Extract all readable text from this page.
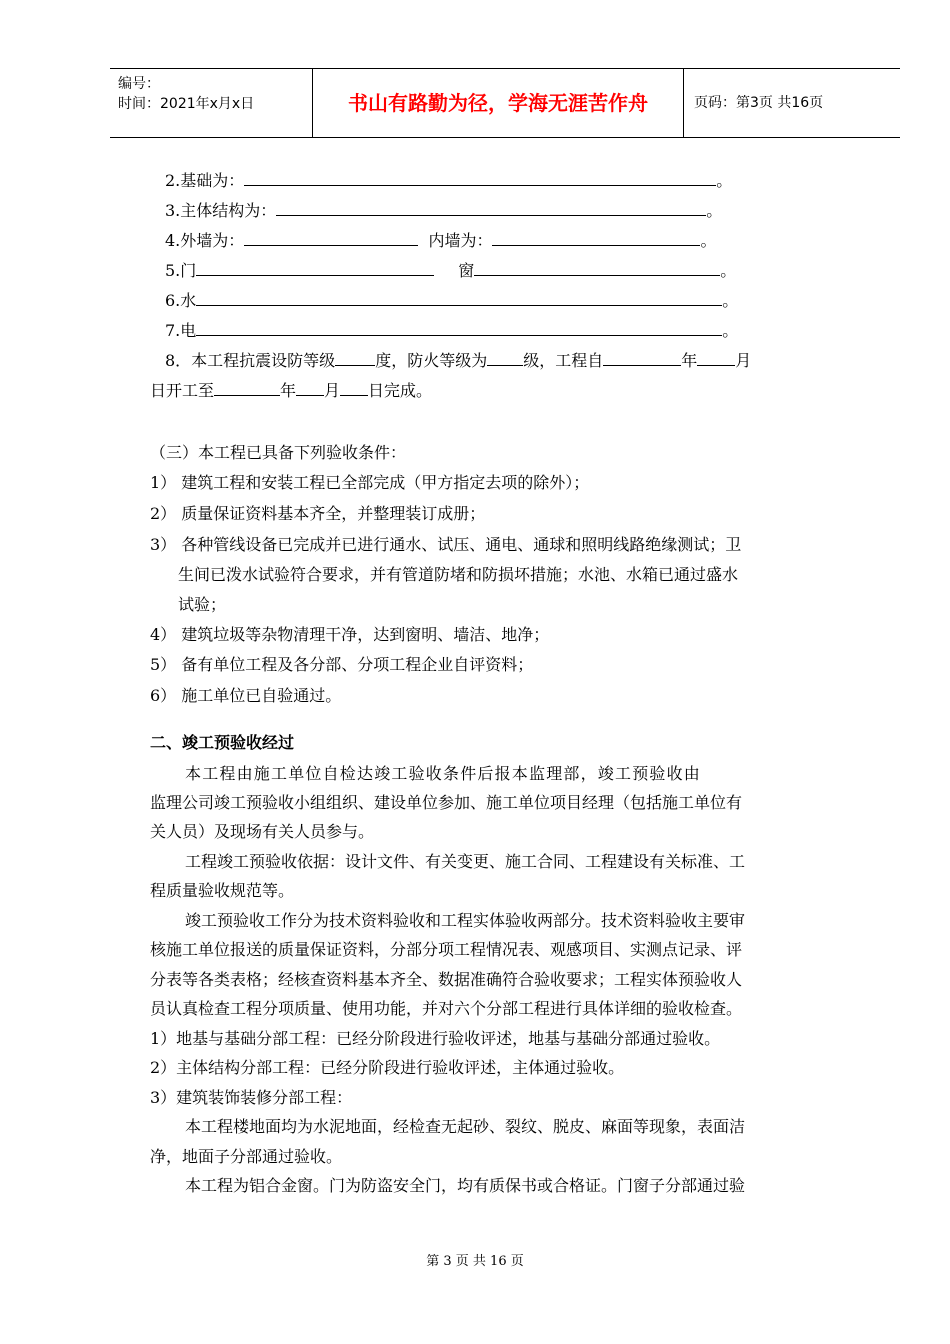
编号：
时间：2021年x月x日	书山有路勤为径，学海无涯苦作舟	页码：第3页 共16页
2.基础为：	。
3.主体结构为：	。
4.外墙为：	内墙为：	。
5.门	窗	。
6.水	。
7.电	。
8．本工程抗震设防等级	度，防火等级为 级，工程自	年 月
日开工至	年 月 日完成。
（三）本工程已具备下列验收条件：
1） 建筑工程和安装工程已全部完成（甲方指定去项的除外）；
2） 质量保证资料基本齐全，并整理装订成册；
3） 各种管线设备已完成并已进行通水、试压、通电、通球和照明线路绝缘测试；卫
生间已泼水试验符合要求，并有管道防堵和防损坏措施；水池、水箱已通过盛水
试验；
4） 建筑垃圾等杂物清理干净，达到窗明、墙洁、地净；
5） 备有单位工程及各分部、分项工程企业自评资料；
6） 施工单位已自验通过。
二、竣工预验收经过
本工程由施工单位自检达竣工验收条件后报本监理部，竣工预验收由
监理公司竣工预验收小组组织、建设单位参加、施工单位项目经理（包括施工单位有
关人员）及现场有关人员参与。
工程竣工预验收依据：设计文件、有关变更、施工合同、工程建设有关标准、工
程质量验收规范等。
竣工预验收工作分为技术资料验收和工程实体验收两部分。技术资料验收主要审
核施工单位报送的质量保证资料，分部分项工程情况表、观感项目、实测点记录、评
分表等各类表格；经核查资料基本齐全、数据准确符合验收要求；工程实体预验收人
员认真检查工程分项质量、使用功能，并对六个分部工程进行具体详细的验收检查。
1）地基与基础分部工程：已经分阶段进行验收评述，地基与基础分部通过验收。
2）主体结构分部工程：已经分阶段进行验收评述，主体通过验收。
3）建筑装饰装修分部工程：
本工程楼地面均为水泥地面，经检查无起砂、裂纹、脱皮、麻面等现象，表面洁
净，地面子分部通过验收。
本工程为铝合金窗。门为防盗安全门，均有质保书或合格证。门窗子分部通过验
第 3 页 共 16 页
